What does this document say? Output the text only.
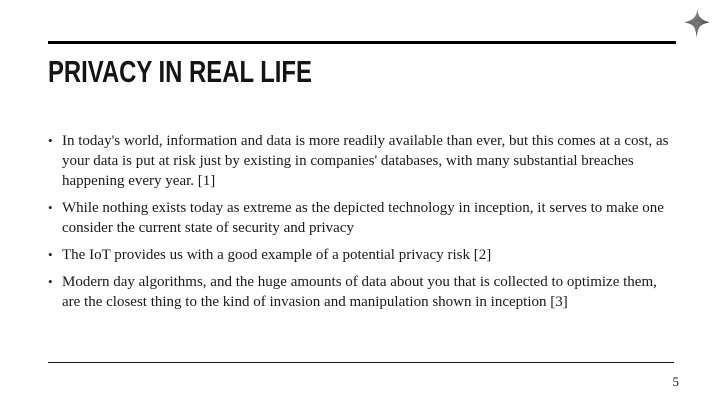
PRIVACY IN REAL LIFE
• In today's world, information and data is more readily available than ever, but this comes at a cost, as your data is put at risk just by existing in companies' databases, with many substantial breaches happening every year. [1]
• While nothing exists today as extreme as the depicted technology in inception, it serves to make one consider the current state of security and privacy
• The IoT provides us with a good example of a potential privacy risk [2]
• Modern day algorithms, and the huge amounts of data about you that is collected to optimize them, are the closest thing to the kind of invasion and manipulation shown in inception [3]
5
